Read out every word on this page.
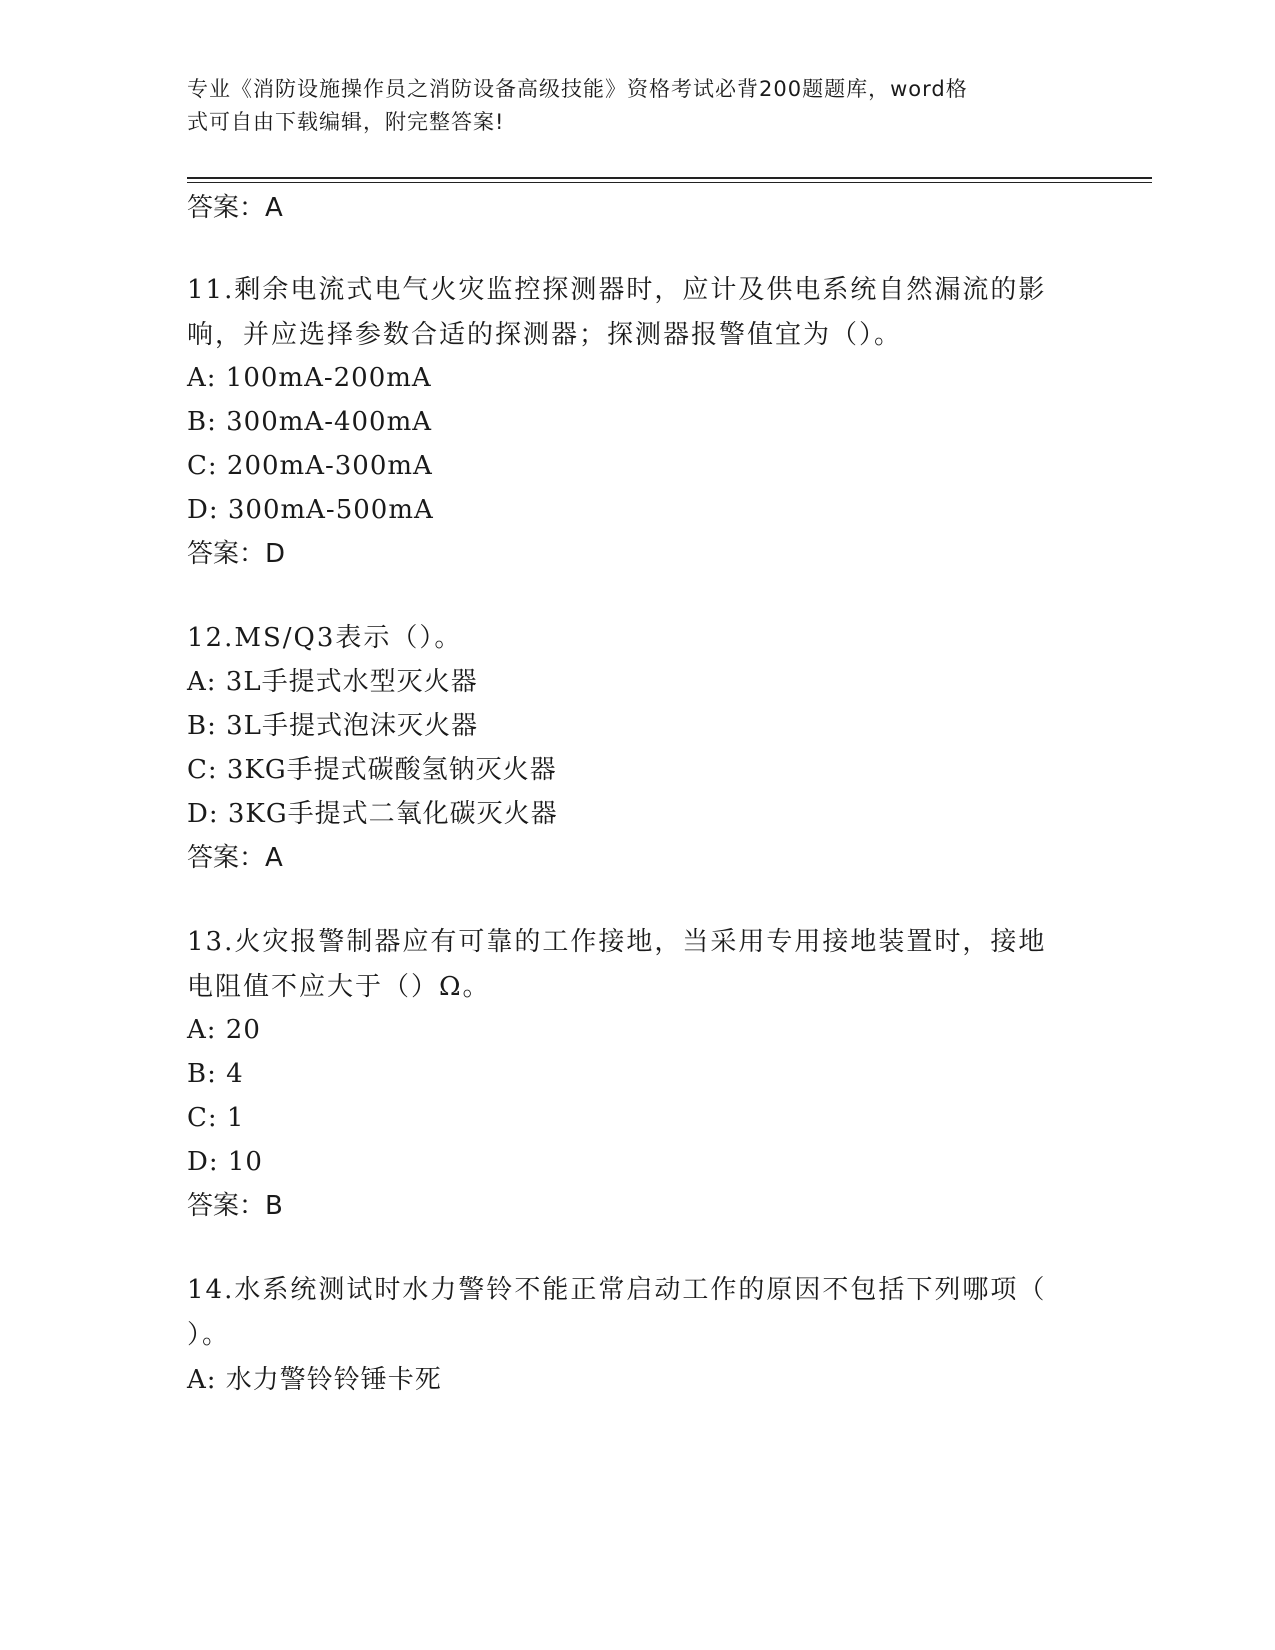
专业《消防设施操作员之消防设备高级技能》资格考试必背200题题库，word格
式可自由下载编辑，附完整答案!
答案：A
11.剩余电流式电气火灾监控探测器时，应计及供电系统自然漏流的影
响，并应选择参数合适的探测器；探测器报警值宜为（）。
A: 100mA-200mA
B: 300mA-400mA
C: 200mA-300mA
D: 300mA-500mA
答案：D
12.MS/Q3表示（）。
A: 3L手提式水型灭火器
B: 3L手提式泡沫灭火器
C: 3KG手提式碳酸氢钠灭火器
D: 3KG手提式二氧化碳灭火器
答案：A
13.火灾报警制器应有可靠的工作接地，当采用专用接地装置时，接地
电阻值不应大于（）Ω。
A: 20
B: 4
C: 1
D: 10
答案：B
14.水系统测试时水力警铃不能正常启动工作的原因不包括下列哪项（
）。
A: 水力警铃铃锤卡死
